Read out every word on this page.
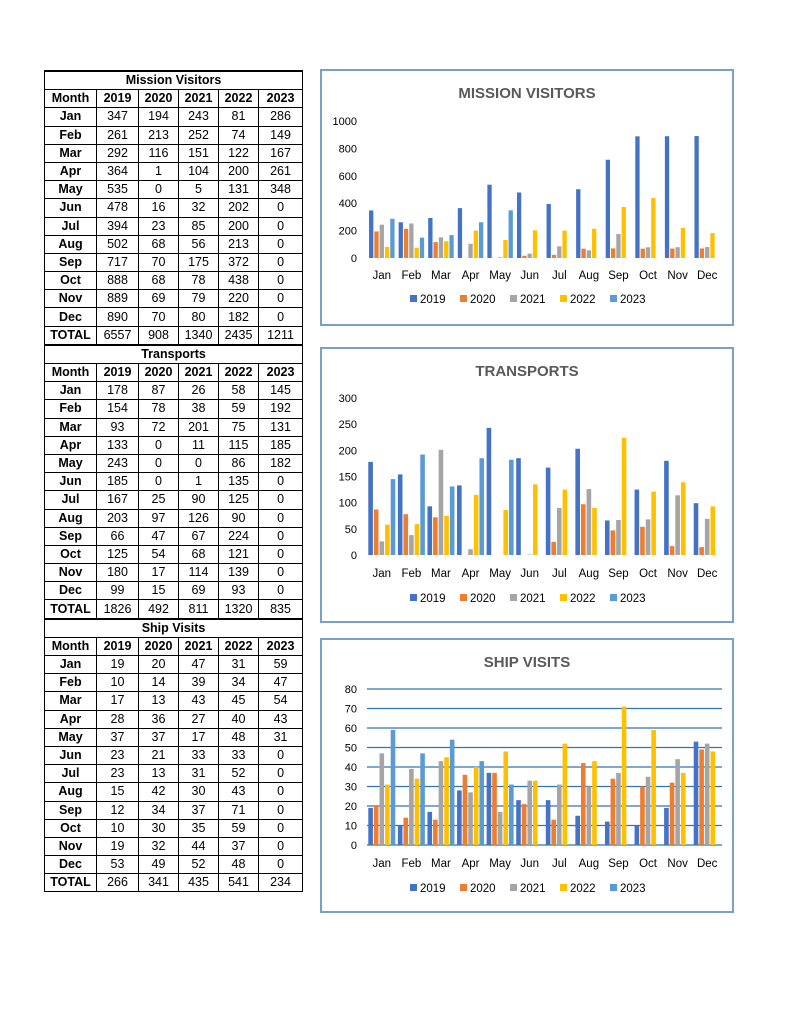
Mission Visitors					
Month	2019	2020	2021	2022	2023
Jan	347	194	243	81	286
Feb	261	213	252	74	149
Mar	292	116	151	122	167
Apr	364	1	104	200	261
May	535	0	5	131	348
Jun	478	16	32	202	0
Jul	394	23	85	200	0
Aug	502	68	56	213	0
Sep	717	70	175	372	0
Oct	888	68	78	438	0
Nov	889	69	79	220	0
Dec	890	70	80	182	0
TOTAL	6557	908	1340	2435	1211
Transports					
Month	2019	2020	2021	2022	2023
Jan	178	87	26	58	145
Feb	154	78	38	59	192
Mar	93	72	201	75	131
Apr	133	0	11	115	185
May	243	0	0	86	182
Jun	185	0	1	135	0
Jul	167	25	90	125	0
Aug	203	97	126	90	0
Sep	66	47	67	224	0
Oct	125	54	68	121	0
Nov	180	17	114	139	0
Dec	99	15	69	93	0
TOTAL	1826	492	811	1320	835
Ship Visits					
Month	2019	2020	2021	2022	2023
Jan	19	20	47	31	59
Feb	10	14	39	34	47
Mar	17	13	43	45	54
Apr	28	36	27	40	43
May	37	37	17	48	31
Jun	23	21	33	33	0
Jul	23	13	31	52	0
Aug	15	42	30	43	0
Sep	12	34	37	71	0
Oct	10	30	35	59	0
Nov	19	32	44	37	0
Dec	53	49	52	48	0
TOTAL	266	341	435	541	234
MISSION VISITORS
0
200
400
600
800
1000
Jan Feb Mar Apr May Jun Jul Aug Sep Oct Nov Dec
2019 2020 2021 2022 2023
TRANSPORTS
0
50
100
150
200
250
300
Jan Feb Mar Apr May Jun Jul Aug Sep Oct Nov Dec
2019 2020 2021 2022 2023
SHIP VISITS
0
10
20
30
40
50
60
70
80
Jan Feb Mar Apr May Jun Jul Aug Sep Oct Nov Dec
2019 2020 2021 2022 2023
